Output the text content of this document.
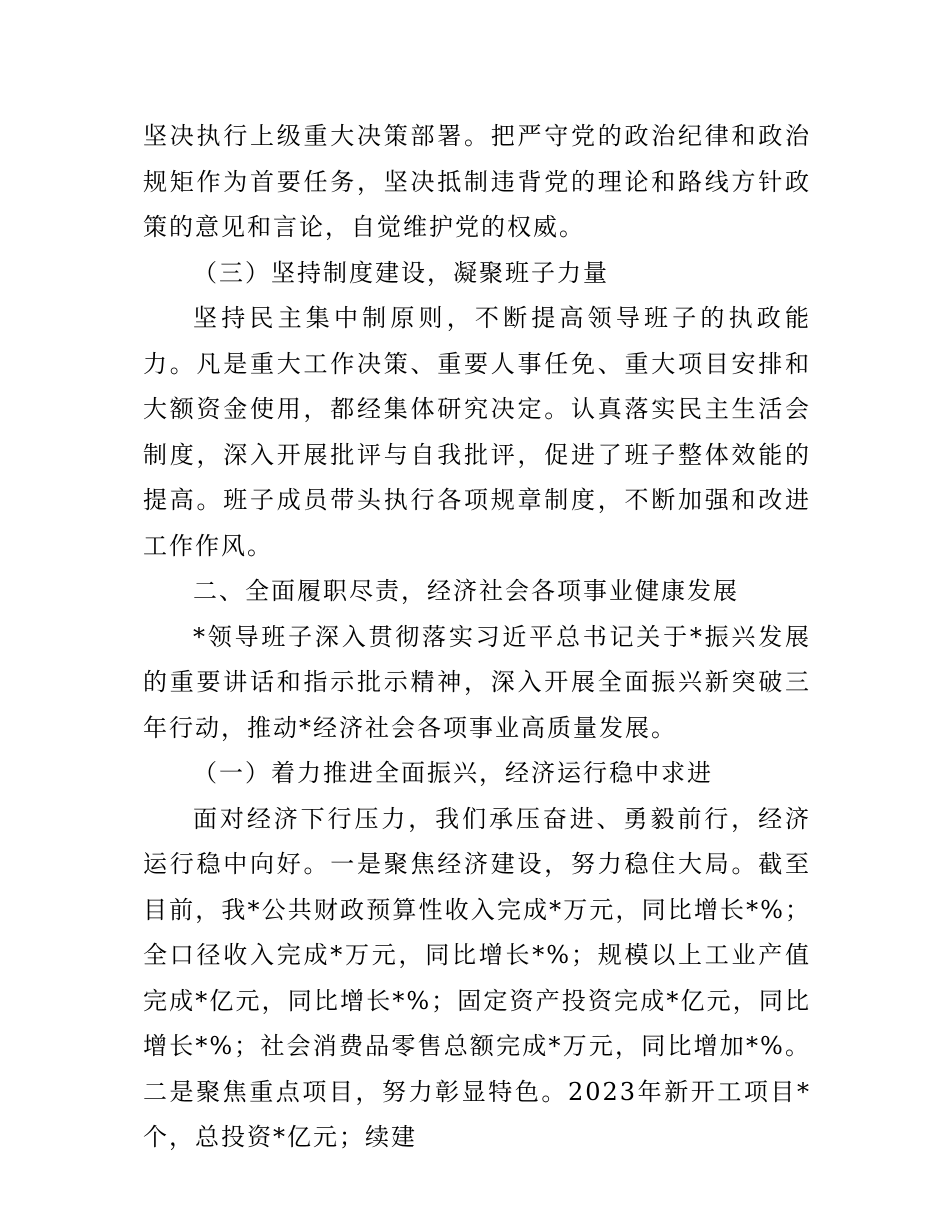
坚决执行上级重大决策部署。把严守党的政治纪律和政治规矩作为首要任务，坚决抵制违背党的理论和路线方针政策的意见和言论，自觉维护党的权威。

（三）坚持制度建设，凝聚班子力量

坚持民主集中制原则，不断提高领导班子的执政能力。凡是重大工作决策、重要人事任免、重大项目安排和大额资金使用，都经集体研究决定。认真落实民主生活会制度，深入开展批评与自我批评，促进了班子整体效能的提高。班子成员带头执行各项规章制度，不断加强和改进工作作风。

二、全面履职尽责，经济社会各项事业健康发展

*领导班子深入贯彻落实习近平总书记关于*振兴发展的重要讲话和指示批示精神，深入开展全面振兴新突破三年行动，推动*经济社会各项事业高质量发展。

（一）着力推进全面振兴，经济运行稳中求进

面对经济下行压力，我们承压奋进、勇毅前行，经济运行稳中向好。一是聚焦经济建设，努力稳住大局。截至目前，我*公共财政预算性收入完成*万元，同比增长*%；全口径收入完成*万元，同比增长*%；规模以上工业产值完成*亿元，同比增长*%；固定资产投资完成*亿元，同比增长*%；社会消费品零售总额完成*万元，同比增加*%。二是聚焦重点项目，努力彰显特色。2023年新开工项目*个，总投资*亿元；续建
